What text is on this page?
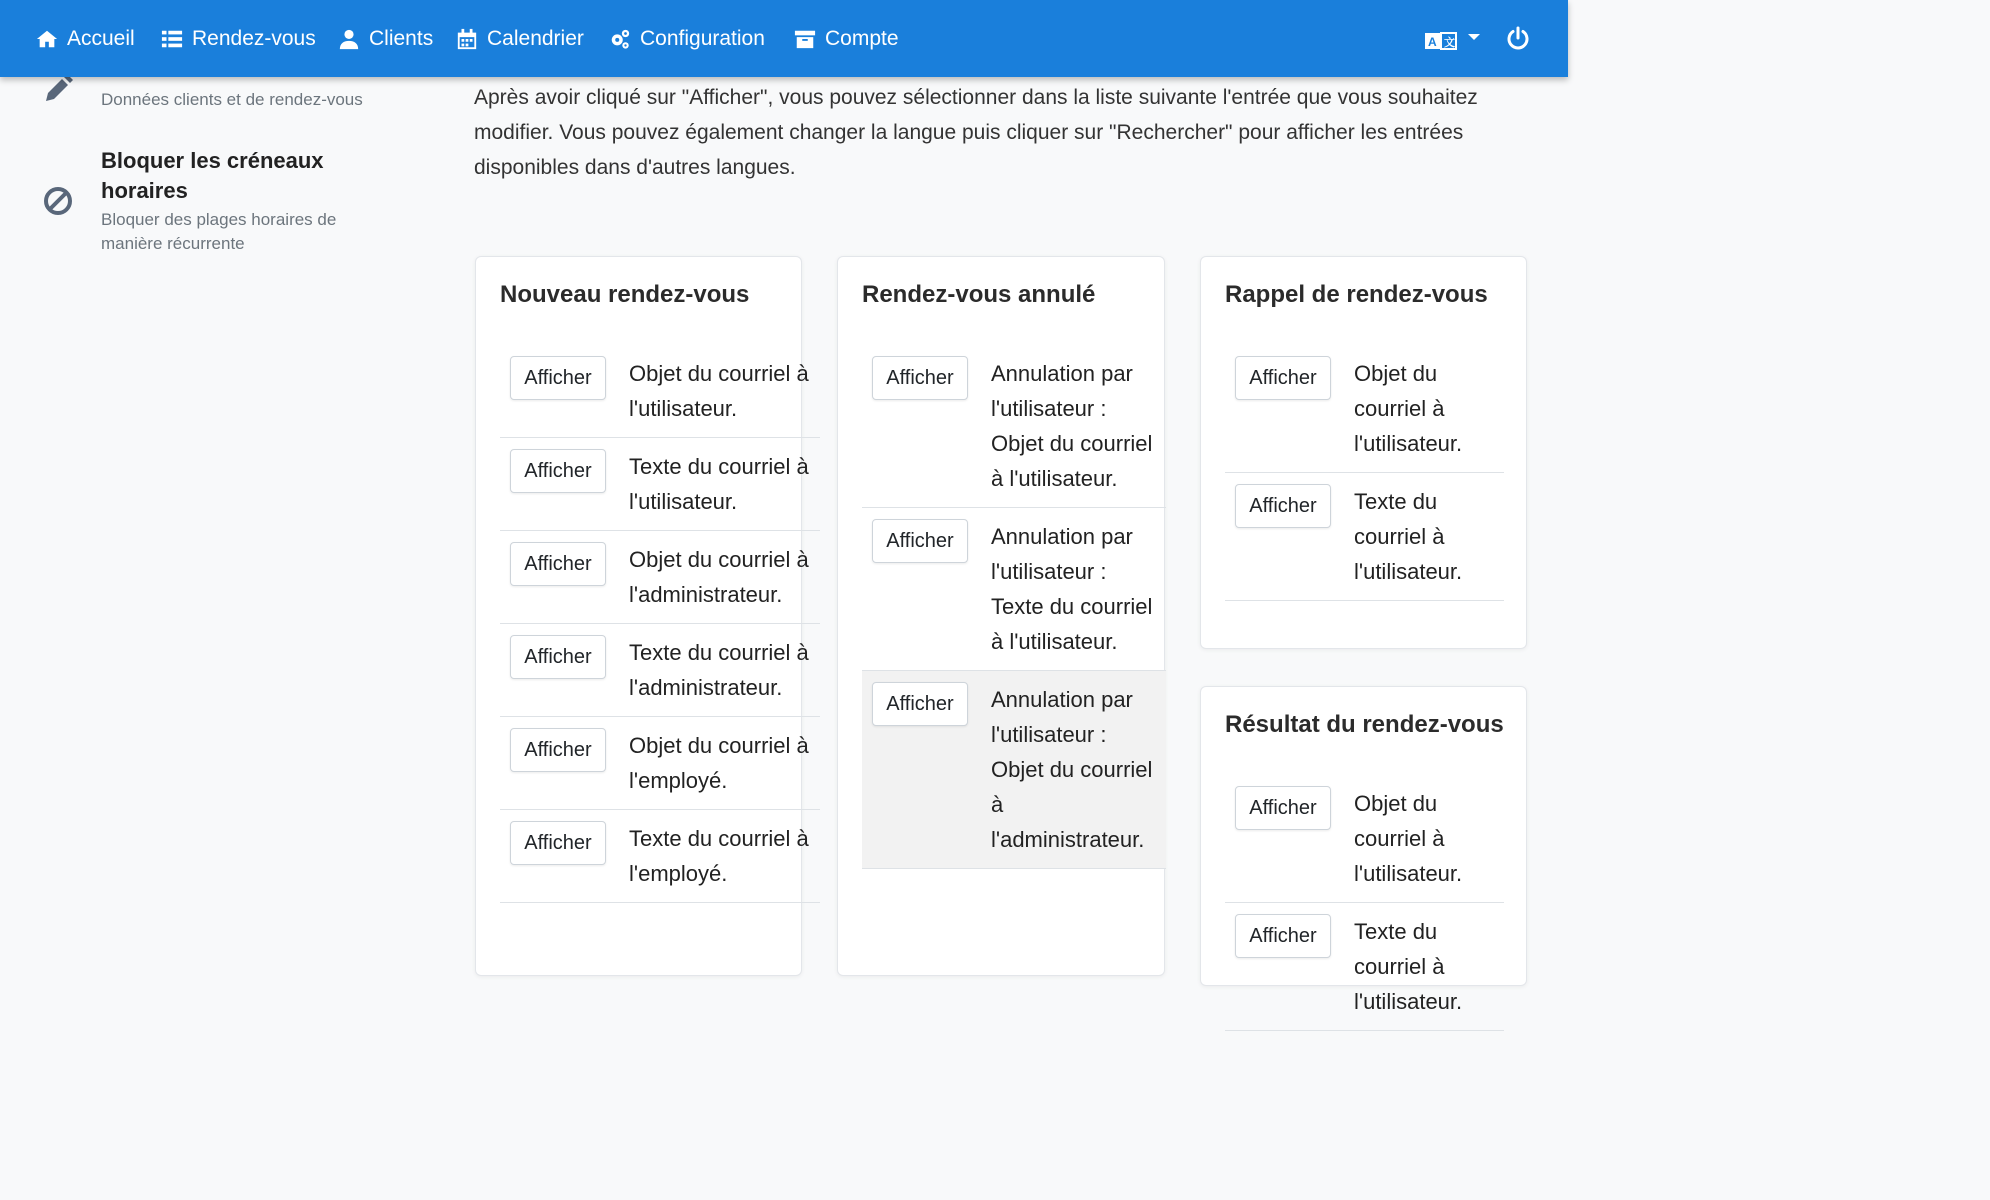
Accueil	Rendez-vous	Clients	Calendrier	Configuration	Compte	A 文
Données clients et de rendez-vous
Bloquer les créneaux horaires
Bloquer des plages horaires de manière récurrente

Après avoir cliqué sur "Afficher", vous pouvez sélectionner dans la liste suivante l'entrée que vous souhaitez modifier. Vous pouvez également changer la langue puis cliquer sur "Rechercher" pour afficher les entrées disponibles dans d'autres langues.

Nouveau rendez-vous
Afficher	Objet du courriel à l'utilisateur.
Afficher	Texte du courriel à l'utilisateur.
Afficher	Objet du courriel à l'administrateur.
Afficher	Texte du courriel à l'administrateur.
Afficher	Objet du courriel à l'employé.
Afficher	Texte du courriel à l'employé.
Rendez-vous annulé
Afficher	Annulation par l'utilisateur : Objet du courriel à l'utilisateur.
Afficher	Annulation par l'utilisateur : Texte du courriel à l'utilisateur.
Afficher	Annulation par l'utilisateur : Objet du courriel à l'administrateur.
Rappel de rendez-vous
Afficher	Objet du courriel à l'utilisateur.
Afficher	Texte du courriel à l'utilisateur.
Résultat du rendez-vous
Afficher	Objet du courriel à l'utilisateur.
Afficher	Texte du courriel à l'utilisateur.
